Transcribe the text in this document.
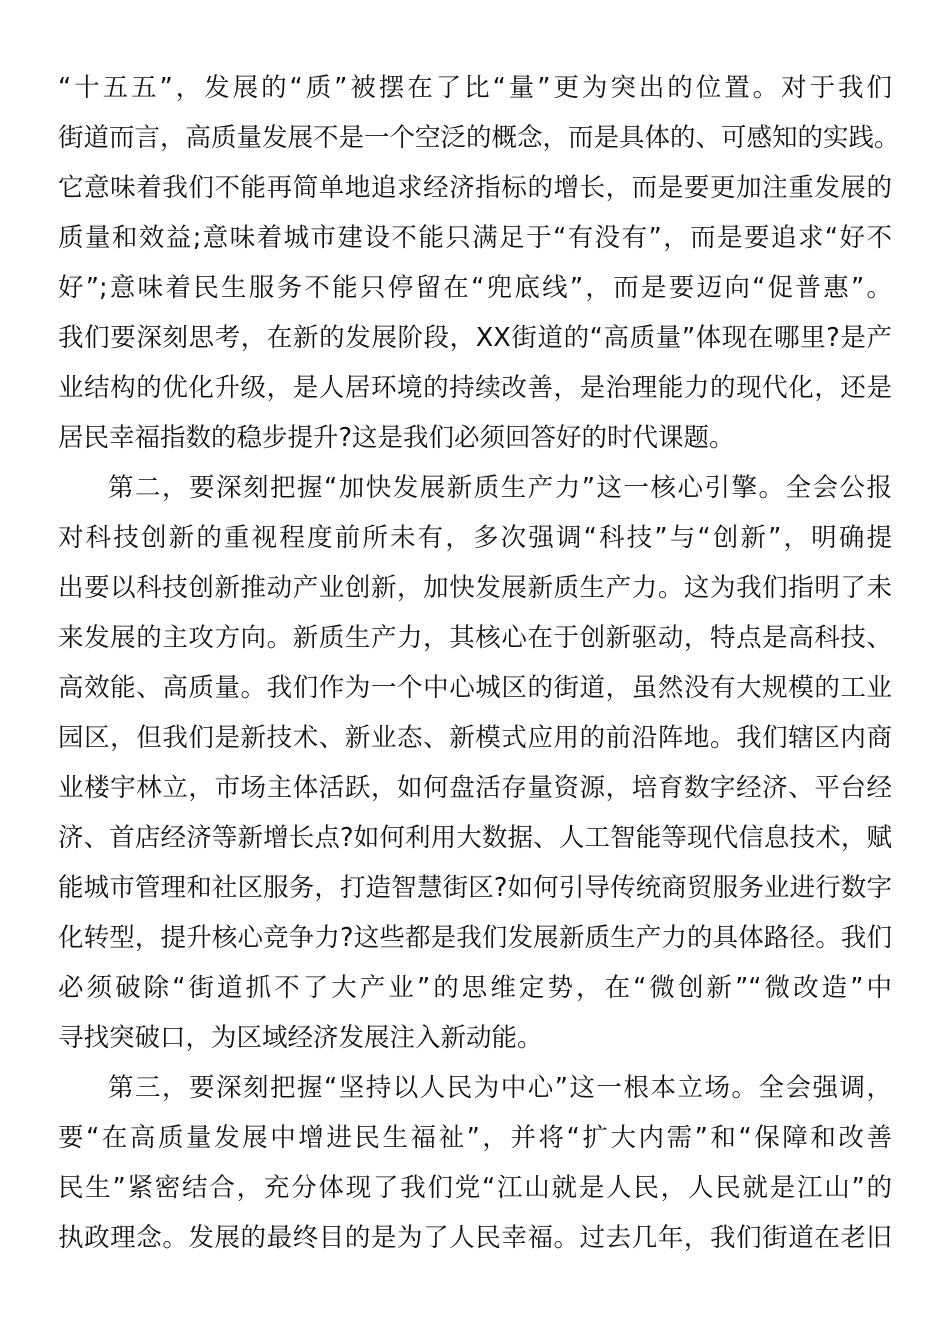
“十五五”，发展的“质”被摆在了比“量”更为突出的位置。对于我们
街道而言，高质量发展不是一个空泛的概念，而是具体的、可感知的实践。
它意味着我们不能再简单地追求经济指标的增长，而是要更加注重发展的
质量和效益;意味着城市建设不能只满足于“有没有”，而是要追求“好不
好”;意味着民生服务不能只停留在“兜底线”，而是要迈向“促普惠”。
我们要深刻思考，在新的发展阶段，XX街道的“高质量”体现在哪里?是产
业结构的优化升级，是人居环境的持续改善，是治理能力的现代化，还是
居民幸福指数的稳步提升?这是我们必须回答好的时代课题。
第二，要深刻把握“加快发展新质生产力”这一核心引擎。全会公报
对科技创新的重视程度前所未有，多次强调“科技”与“创新”，明确提
出要以科技创新推动产业创新，加快发展新质生产力。这为我们指明了未
来发展的主攻方向。新质生产力，其核心在于创新驱动，特点是高科技、
高效能、高质量。我们作为一个中心城区的街道，虽然没有大规模的工业
园区，但我们是新技术、新业态、新模式应用的前沿阵地。我们辖区内商
业楼宇林立，市场主体活跃，如何盘活存量资源，培育数字经济、平台经
济、首店经济等新增长点?如何利用大数据、人工智能等现代信息技术，赋
能城市管理和社区服务，打造智慧街区?如何引导传统商贸服务业进行数字
化转型，提升核心竞争力?这些都是我们发展新质生产力的具体路径。我们
必须破除“街道抓不了大产业”的思维定势，在“微创新”“微改造”中
寻找突破口，为区域经济发展注入新动能。
第三，要深刻把握“坚持以人民为中心”这一根本立场。全会强调，
要“在高质量发展中增进民生福祉”，并将“扩大内需”和“保障和改善
民生”紧密结合，充分体现了我们党“江山就是人民，人民就是江山”的
执政理念。发展的最终目的是为了人民幸福。过去几年，我们街道在老旧
